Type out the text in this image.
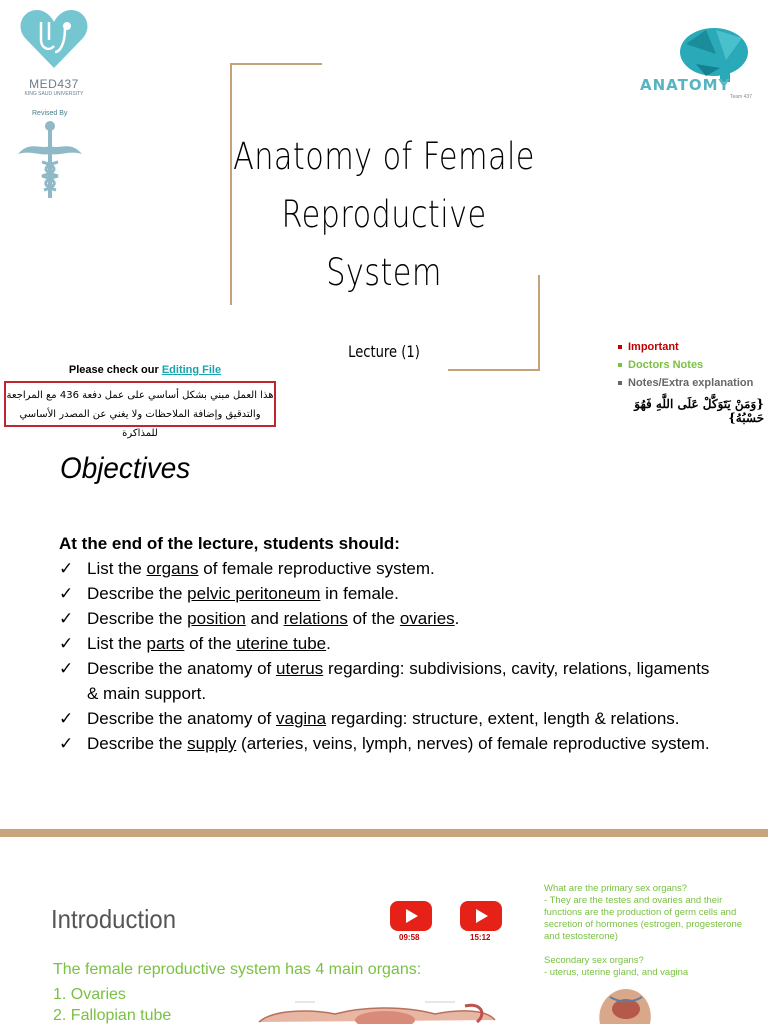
MED437
KING SAUD UNIVERSITY
Revised By
ANATOMY
Team 437
Anatomy of Female
Reproductive
System
Lecture (1)
Please check our Editing File
هذا العمل مبني بشكل أساسي على عمل دفعة 436 مع المراجعة
والتدقيق وإضافة الملاحظات ولا يغني عن المصدر الأساسي للمذاكرة
Important
Doctors Notes
Notes/Extra explanation
{وَمَنْ يَتَوَكَّلْ عَلَى اللَّهِ فَهُوَ حَسْبُهُ}
Objectives
At the end of the lecture, students should:
✓ List the organs of female reproductive system.
✓ Describe the pelvic peritoneum in female.
✓ Describe the position and relations of the ovaries.
✓ List the parts of the uterine tube.
✓ Describe the anatomy of uterus regarding: subdivisions, cavity, relations, ligaments & main support.
✓ Describe the anatomy of vagina regarding: structure, extent, length & relations.
✓ Describe the supply (arteries, veins, lymph, nerves) of female reproductive system.
Introduction
09:58	15:12
What are the primary sex organs?
- They are the testes and ovaries and their functions are the production of germ cells and secretion of hormones (estrogen, progesterone and testosterone)
Secondary sex organs?
- uterus, uterine gland, and vagina
The female reproductive system has 4 main organs:
1. Ovaries
2. Fallopian tube
